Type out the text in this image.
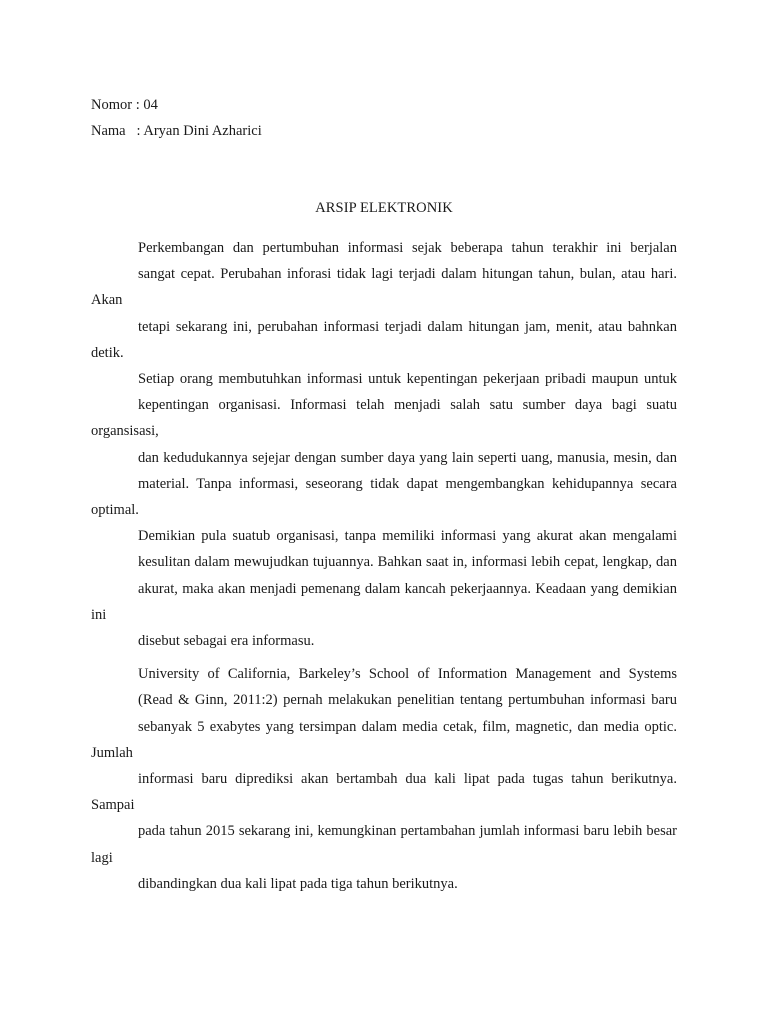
Nomor : 04
Nama   : Aryan Dini Azharici
ARSIP ELEKTRONIK
Perkembangan dan pertumbuhan informasi sejak beberapa tahun terakhir ini berjalan
sangat cepat. Perubahan inforasi tidak lagi terjadi dalam hitungan tahun, bulan, atau hari. Akan
tetapi sekarang ini, perubahan informasi terjadi dalam hitungan jam, menit, atau bahnkan detik.
Setiap orang membutuhkan informasi untuk kepentingan pekerjaan pribadi maupun untuk
kepentingan organisasi. Informasi telah menjadi salah satu sumber daya bagi suatu organsisasi,
dan kedudukannya sejejar dengan sumber daya yang lain seperti uang, manusia, mesin, dan
material. Tanpa informasi, seseorang tidak dapat mengembangkan kehidupannya secara optimal.
Demikian pula suatub organisasi, tanpa memiliki informasi yang akurat akan mengalami
kesulitan dalam mewujudkan tujuannya. Bahkan saat in, informasi lebih cepat, lengkap, dan
akurat, maka akan menjadi pemenang dalam kancah pekerjaannya. Keadaan yang demikian ini
disebut sebagai era informasu.
University of California, Barkeley’s School of Information Management and Systems
(Read & Ginn, 2011:2) pernah melakukan penelitian tentang pertumbuhan informasi baru
sebanyak 5 exabytes yang tersimpan dalam media cetak, film, magnetic, dan media optic. Jumlah
informasi baru diprediksi akan bertambah dua kali lipat pada tugas tahun berikutnya. Sampai
pada tahun 2015 sekarang ini, kemungkinan pertambahan jumlah informasi baru lebih besar lagi
dibandingkan dua kali lipat pada tiga tahun berikutnya.
